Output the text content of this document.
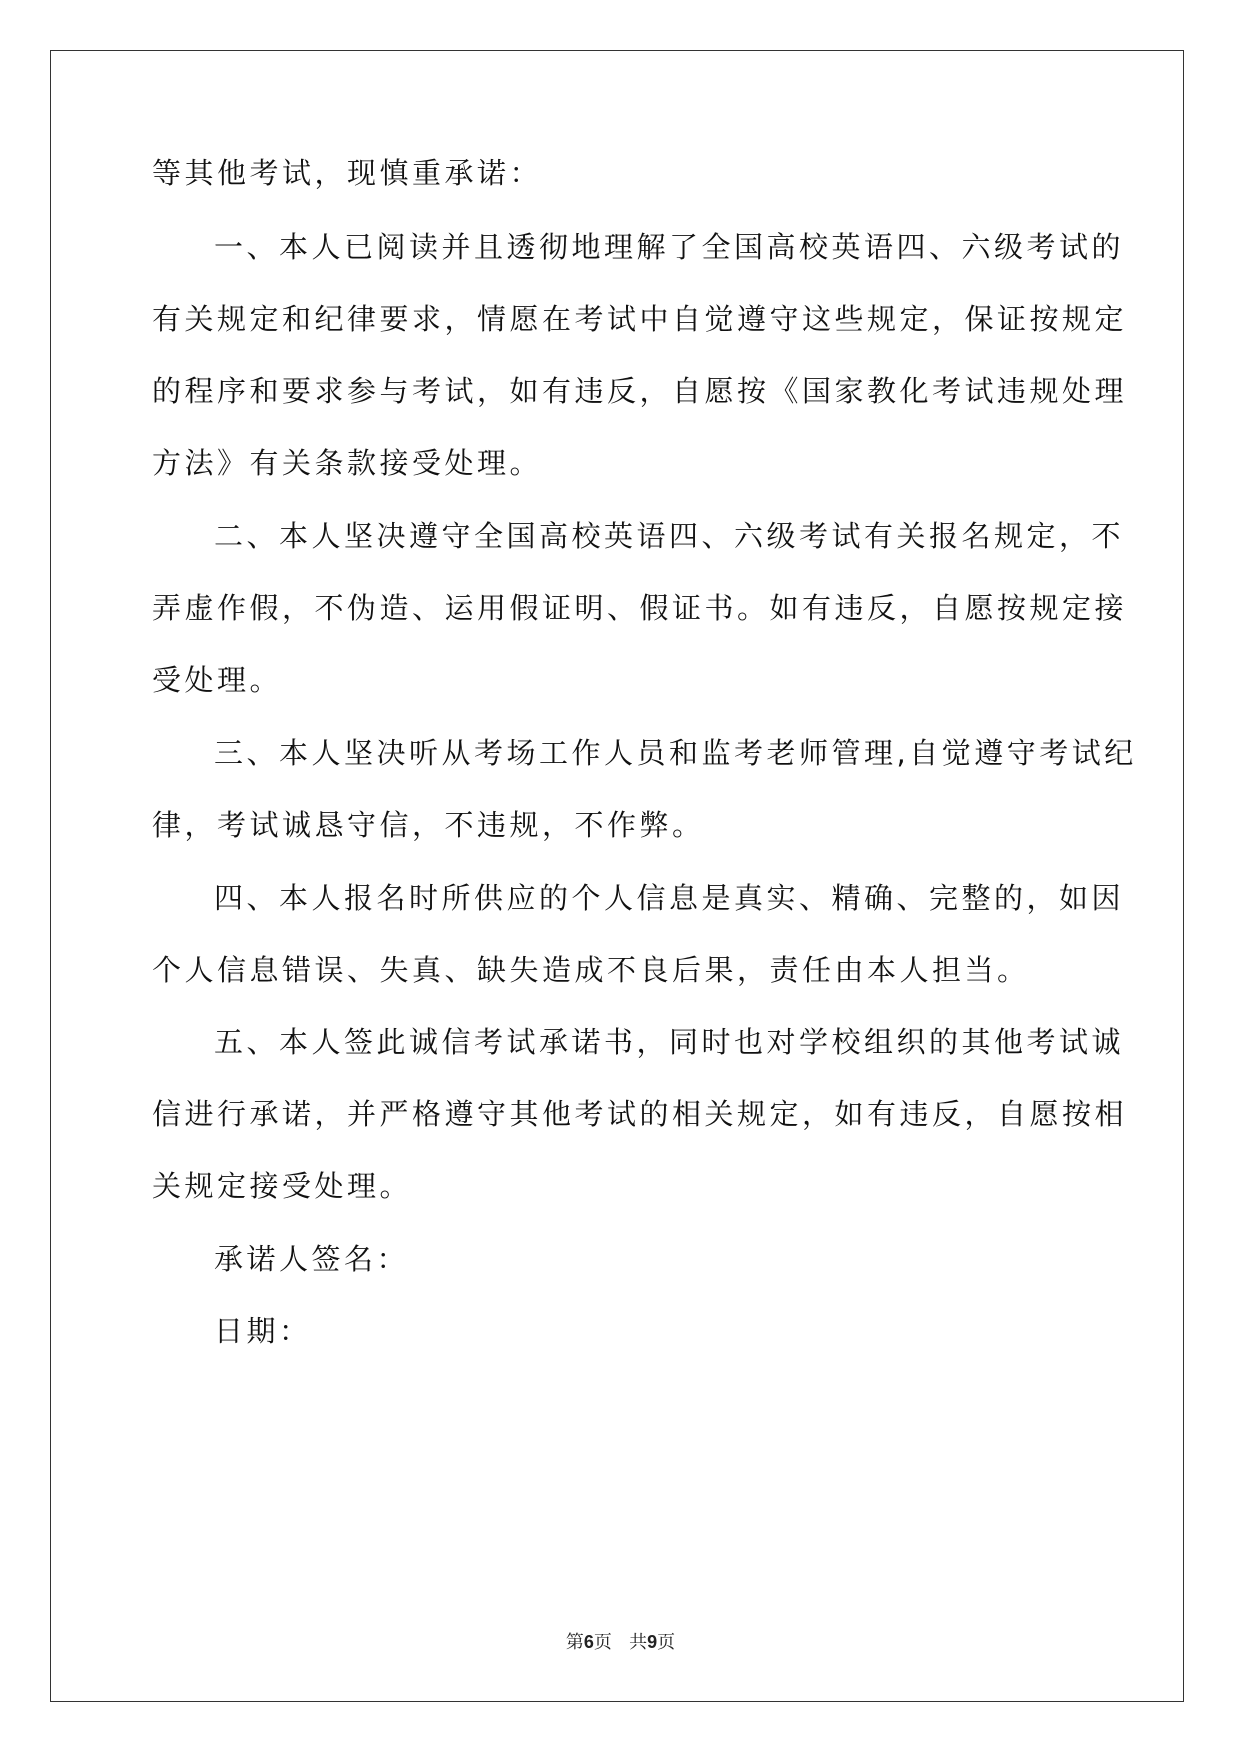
等其他考试，现慎重承诺：
一、本人已阅读并且透彻地理解了全国高校英语四、六级考试的
有关规定和纪律要求，情愿在考试中自觉遵守这些规定，保证按规定
的程序和要求参与考试，如有违反，自愿按《国家教化考试违规处理
方法》有关条款接受处理。
二、本人坚决遵守全国高校英语四、六级考试有关报名规定，不
弄虚作假，不伪造、运用假证明、假证书。如有违反，自愿按规定接
受处理。
三、本人坚决听从考场工作人员和监考老师管理,自觉遵守考试纪
律，考试诚恳守信，不违规，不作弊。
四、本人报名时所供应的个人信息是真实、精确、完整的，如因
个人信息错误、失真、缺失造成不良后果，责任由本人担当。
五、本人签此诚信考试承诺书，同时也对学校组织的其他考试诚
信进行承诺，并严格遵守其他考试的相关规定，如有违反，自愿按相
关规定接受处理。
承诺人签名：
日期：
第6页   共9页
